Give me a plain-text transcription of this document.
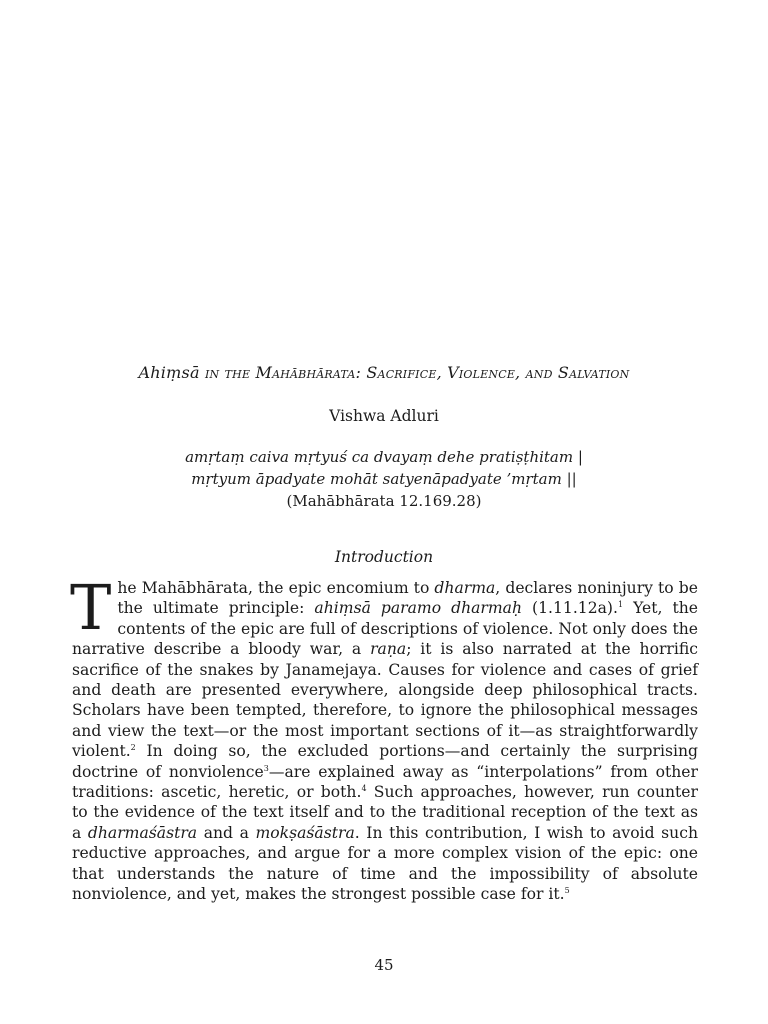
Ahiṃsā in the Mahābhārata: Sacrifice, Violence, and Salvation
Vishwa Adluri
amṛtaṃ caiva mṛtyuś ca dvayaṃ dehe pratiṣṭhitam |
mṛtyum āpadyate mohāt satyenāpadyate ’mṛtam ||
(Mahābhārata 12.169.28)
Introduction
The Mahābhārata, the epic encomium to dharma, declares noninjury to be the ultimate principle: ahiṃsā paramo dharmaḥ (1.11.12a).$^1$ Yet, the contents of the epic are full of descriptions of violence. Not only does the narrative describe a bloody war, a raṇa; it is also narrated at the horrific sacrifice of the snakes by Janamejaya. Causes for violence and cases of grief and death are presented everywhere, alongside deep philosophical tracts. Scholars have been tempted, therefore, to ignore the philosophical messages and view the text—or the most important sections of it—as straightforwardly violent.$^2$ In doing so, the excluded portions—and certainly the surprising doctrine of nonviolence$^3$—are explained away as “interpolations” from other traditions: ascetic, heretic, or both.$^4$ Such approaches, however, run counter to the evidence of the text itself and to the traditional reception of the text as a dharmaśāstra and a mokṣaśāstra. In this contribution, I wish to avoid such reductive approaches, and argue for a more complex vision of the epic: one that understands the nature of time and the impossibility of absolute nonviolence, and yet, makes the strongest possible case for it.$^5$
45
